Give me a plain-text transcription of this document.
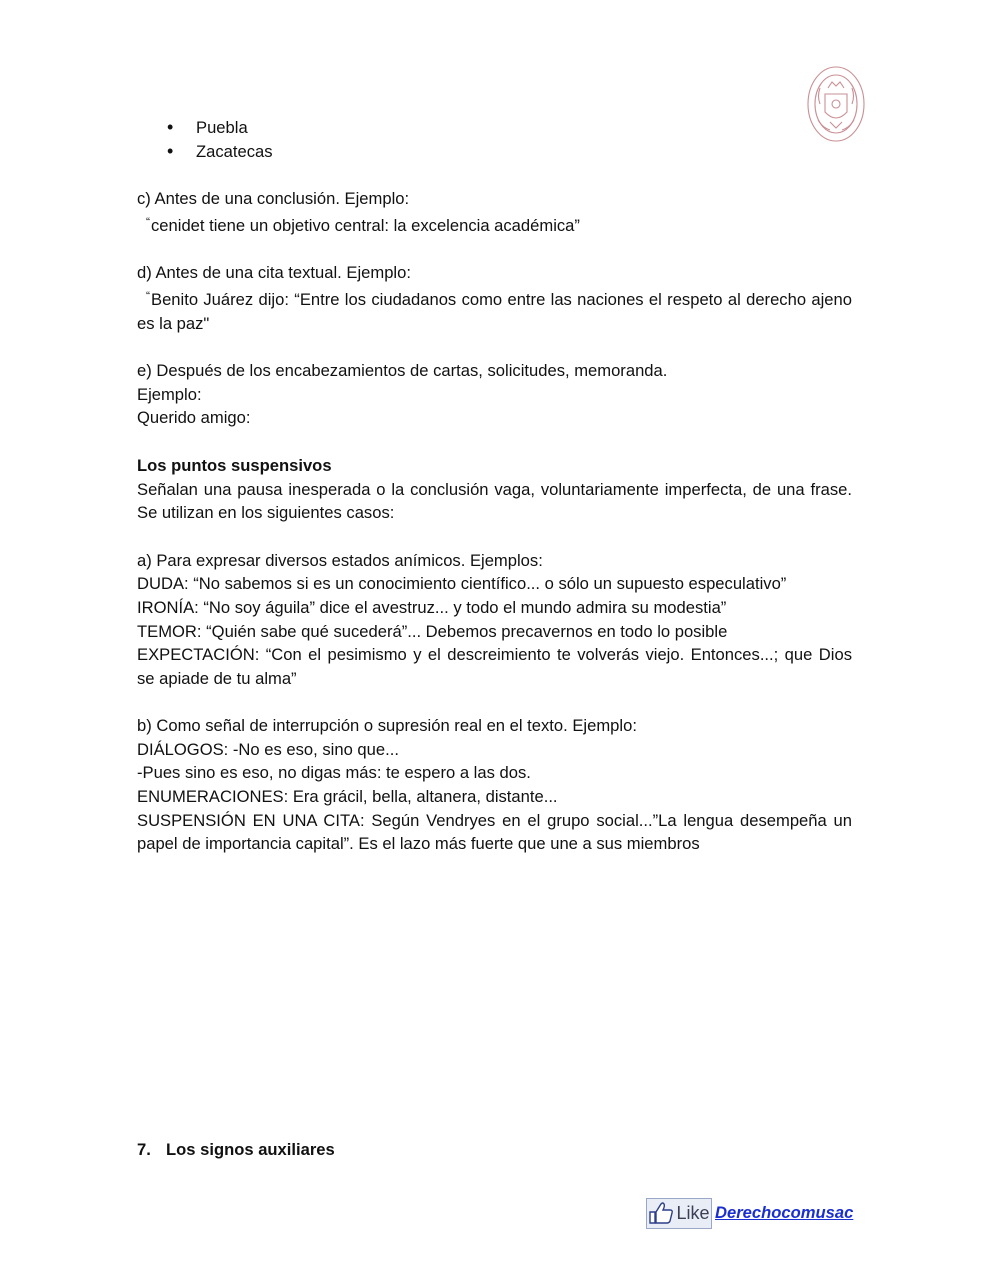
• Puebla
• Zacatecas

c) Antes de una conclusión. Ejemplo:

“cenidet tiene un objetivo central: la excelencia académica”

d) Antes de una cita textual. Ejemplo:

“Benito Juárez dijo: “Entre los ciudadanos como entre las naciones el respeto al derecho ajeno es la paz"

e) Después de los encabezamientos de cartas, solicitudes, memoranda.

Ejemplo:

Querido amigo:

Los puntos suspensivos

Señalan una pausa inesperada o la conclusión vaga, voluntariamente imperfecta, de una frase. Se utilizan en los siguientes casos:

a) Para expresar diversos estados anímicos. Ejemplos:

DUDA: “No sabemos si es un conocimiento científico... o sólo un supuesto especulativo”

IRONÍA: “No soy águila” dice el avestruz... y todo el mundo admira su modestia”

TEMOR: “Quién sabe qué sucederá”... Debemos precavernos en todo lo posible

EXPECTACIÓN: “Con el pesimismo y el descreimiento te volverás viejo. Entonces...; que Dios se apiade de tu alma”

b) Como señal de interrupción o supresión real en el texto. Ejemplo:

DIÁLOGOS: -No es eso, sino que...

-Pues sino es eso, no digas más: te espero a las dos.

ENUMERACIONES: Era grácil, bella, altanera, distante...

SUSPENSIÓN EN UNA CITA: Según Vendryes en el grupo social...”La lengua desempeña un papel de importancia capital”. Es el lazo más fuerte que une a sus miembros

7. Los signos auxiliares
Like Derechocomusac
